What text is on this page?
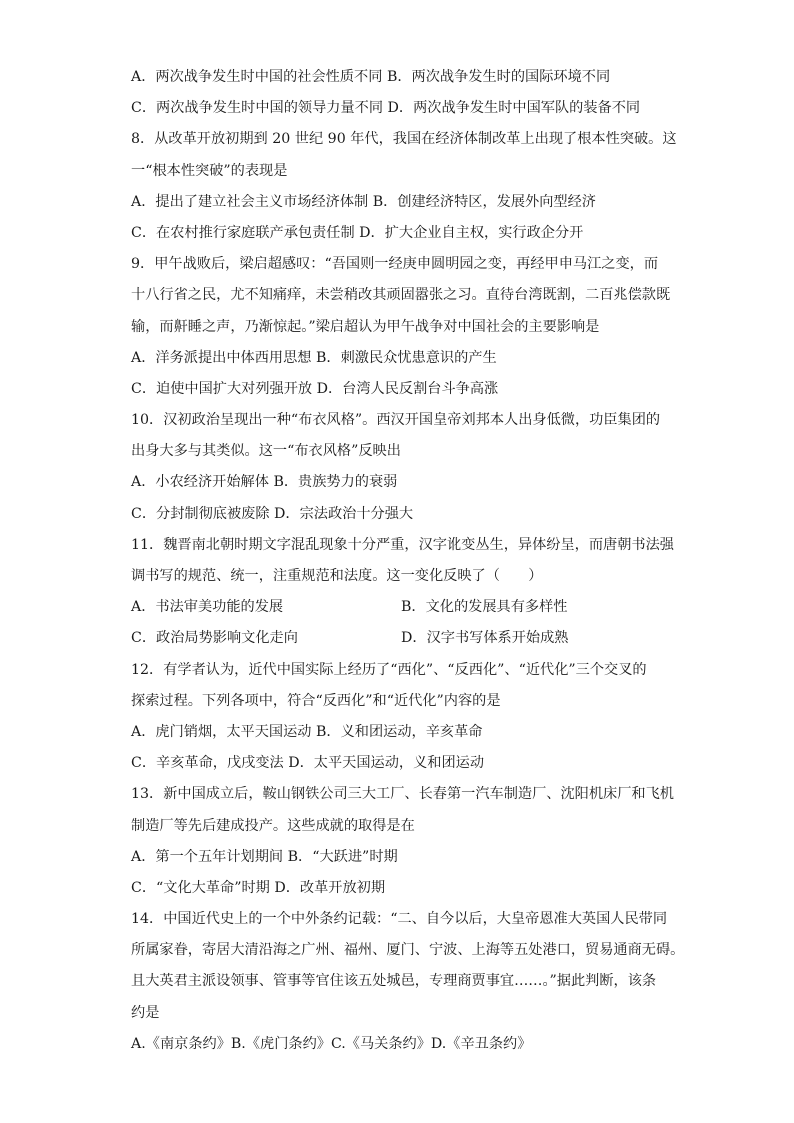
A．两次战争发生时中国的社会性质不同 B．两次战争发生时的国际环境不同
C．两次战争发生时中国的领导力量不同 D．两次战争发生时中国军队的装备不同
8．从改革开放初期到 20 世纪 90 年代，我国在经济体制改革上出现了根本性突破。这
一“根本性突破”的表现是
A．提出了建立社会主义市场经济体制 B．创建经济特区，发展外向型经济
C．在农村推行家庭联产承包责任制 D．扩大企业自主权，实行政企分开
9．甲午战败后，梁启超感叹：“吾国则一经庚申圆明园之变，再经甲申马江之变，而
十八行省之民，尤不知痛痒，未尝稍改其顽固嚣张之习。直待台湾既割，二百兆偿款既
输，而鼾睡之声，乃渐惊起。”梁启超认为甲午战争对中国社会的主要影响是
A．洋务派提出中体西用思想 B．刺激民众忧患意识的产生
C．迫使中国扩大对列强开放 D．台湾人民反割台斗争高涨
10．汉初政治呈现出一种“布衣风格”。西汉开国皇帝刘邦本人出身低微，功臣集团的
出身大多与其类似。这一“布衣风格”反映出
A．小农经济开始解体 B．贵族势力的衰弱
C．分封制彻底被废除 D．宗法政治十分强大
11．魏晋南北朝时期文字混乱现象十分严重，汉字讹变丛生，异体纷呈，而唐朝书法强
调书写的规范、统一，注重规范和法度。这一变化反映了（　　）
A．书法审美功能的发展	B．文化的发展具有多样性
C．政治局势影响文化走向	D．汉字书写体系开始成熟
12．有学者认为，近代中国实际上经历了“西化”、“反西化”、“近代化”三个交叉的
探索过程。下列各项中，符合“反西化”和“近代化”内容的是
A．虎门销烟，太平天国运动 B．义和团运动，辛亥革命
C．辛亥革命，戊戌变法 D．太平天国运动，义和团运动
13．新中国成立后，鞍山钢铁公司三大工厂、长春第一汽车制造厂、沈阳机床厂和飞机
制造厂等先后建成投产。这些成就的取得是在
A．第一个五年计划期间 B．“大跃进”时期
C．“文化大革命”时期 D．改革开放初期
14．中国近代史上的一个中外条约记载：“二、自今以后，大皇帝恩准大英国人民带同
所属家眷，寄居大清沿海之广州、福州、厦门、宁波、上海等五处港口，贸易通商无碍。
且大英君主派设领事、管事等官住该五处城邑，专理商贾事宜……。”据此判断，该条
约是
A.《南京条约》B.《虎门条约》C.《马关条约》D.《辛丑条约》
